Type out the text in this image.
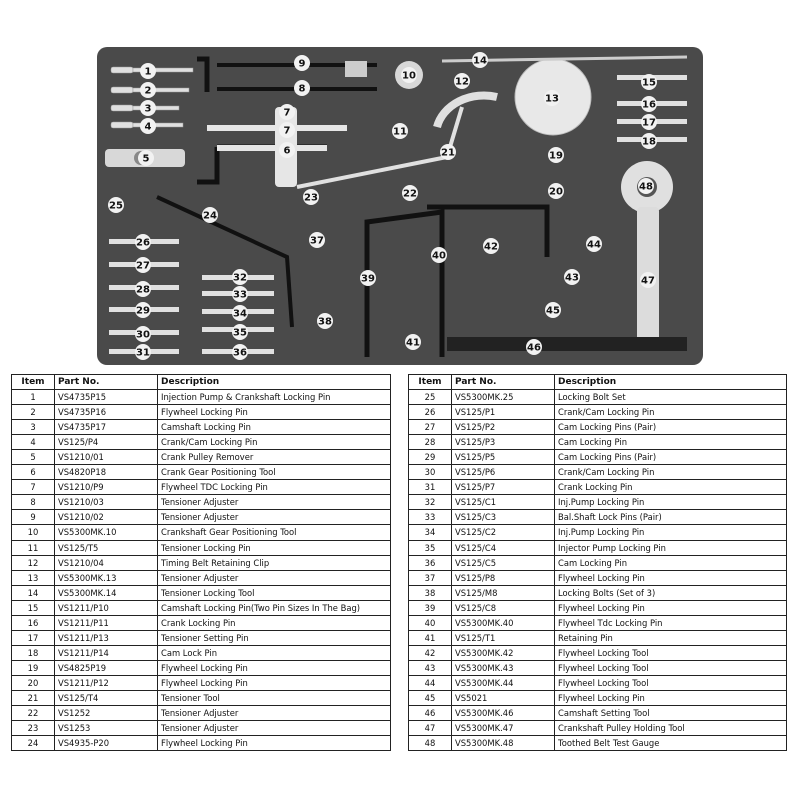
1
2
3
4
5
6
7
7
8
9
10
11
12
13
14
15
16
17
18
19
20
21
22
23
24
25
26
27
28
29
30
31
32
33
34
35
36
37
38
39
40
41
42
43
44
45
46
47
48
Item	Part No.	Description
1	VS4735P15	Injection Pump & Crankshaft Locking Pin
2	VS4735P16	Flywheel Locking Pin
3	VS4735P17	Camshaft Locking Pin
4	VS125/P4	Crank/Cam Locking Pin
5	VS1210/01	Crank Pulley Remover
6	VS4820P18	Crank Gear Positioning Tool
7	VS1210/P9	Flywheel TDC Locking Pin
8	VS1210/03	Tensioner Adjuster
9	VS1210/02	Tensioner Adjuster
10	VS5300MK.10	Crankshaft Gear Positioning Tool
11	VS125/T5	Tensioner Locking Pin
12	VS1210/04	Timing Belt Retaining Clip
13	VS5300MK.13	Tensioner Adjuster
14	VS5300MK.14	Tensioner Locking Tool
15	VS1211/P10	Camshaft Locking Pin(Two Pin Sizes In The Bag)
16	VS1211/P11	Crank Locking Pin
17	VS1211/P13	Tensioner Setting Pin
18	VS1211/P14	Cam Lock Pin
19	VS4825P19	Flywheel Locking Pin
20	VS1211/P12	Flywheel Locking Pin
21	VS125/T4	Tensioner Tool
22	VS1252	Tensioner Adjuster
23	VS1253	Tensioner Adjuster
24	VS4935-P20	Flywheel Locking Pin
Item	Part No.	Description
25	VS5300MK.25	Locking Bolt Set
26	VS125/P1	Crank/Cam Locking Pin
27	VS125/P2	Cam Locking Pins (Pair)
28	VS125/P3	Cam Locking Pin
29	VS125/P5	Cam Locking Pins (Pair)
30	VS125/P6	Crank/Cam Locking Pin
31	VS125/P7	Crank Locking Pin
32	VS125/C1	Inj.Pump Locking Pin
33	VS125/C3	Bal.Shaft Lock Pins (Pair)
34	VS125/C2	Inj.Pump Locking Pin
35	VS125/C4	Injector Pump Locking Pin
36	VS125/C5	Cam Locking Pin
37	VS125/P8	Flywheel Locking Pin
38	VS125/M8	Locking Bolts (Set of 3)
39	VS125/C8	Flywheel Locking Pin
40	VS5300MK.40	Flywheel Tdc Locking Pin
41	VS125/T1	Retaining Pin
42	VS5300MK.42	Flywheel Locking Tool
43	VS5300MK.43	Flywheel Locking Tool
44	VS5300MK.44	Flywheel Locking Tool
45	VS5021	Flywheel Locking Pin
46	VS5300MK.46	Camshaft Setting Tool
47	VS5300MK.47	Crankshaft Pulley Holding Tool
48	VS5300MK.48	Toothed Belt Test Gauge
